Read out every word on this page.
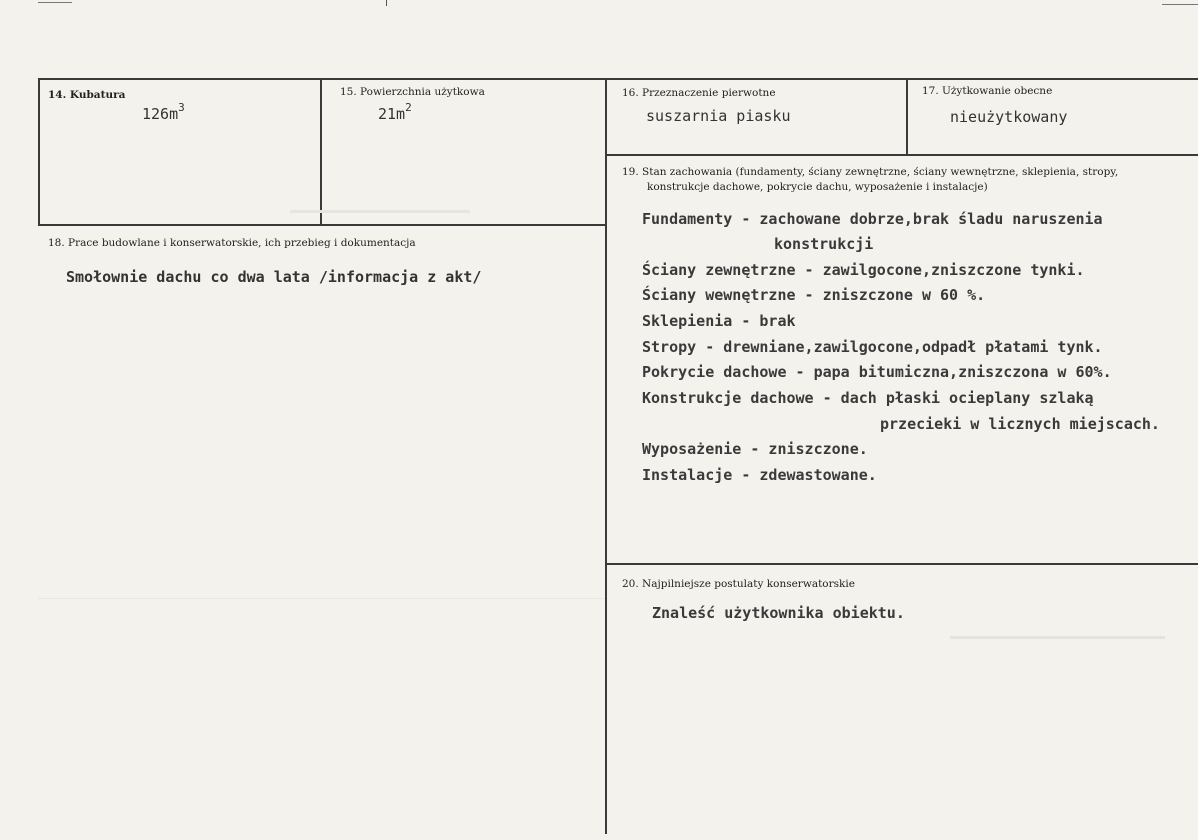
14. Kubatura
$126m^3$
15. Powierzchnia użytkowa
$21m^2$
16. Przeznaczenie pierwotne
suszarnia piasku
17. Użytkowanie obecne
nieużytkowany
18. Prace budowlane i konserwatorskie, ich przebieg i dokumentacja
Smołownie dachu co dwa lata /informacja z akt/
19. Stan zachowania (fundamenty, ściany zewnętrzne, ściany wewnętrzne, sklepienia, stropy,
konstrukcje dachowe, pokrycie dachu, wyposażenie i instalacje)
Fundamenty - zachowane dobrze,brak śladu naruszenia
konstrukcji
Ściany zewnętrzne - zawilgocone,zniszczone tynki.
Ściany wewnętrzne - zniszczone w 60 %.
Sklepienia - brak
Stropy - drewniane,zawilgocone,odpadł płatami tynk.
Pokrycie dachowe - papa bitumiczna,zniszczona w 60%.
Konstrukcje dachowe - dach płaski ocieplany szlaką
przecieki w licznych miejscach.
Wyposażenie - zniszczone.
Instalacje - zdewastowane.
20. Najpilniejsze postulaty konserwatorskie
Znaleść użytkownika obiektu.
